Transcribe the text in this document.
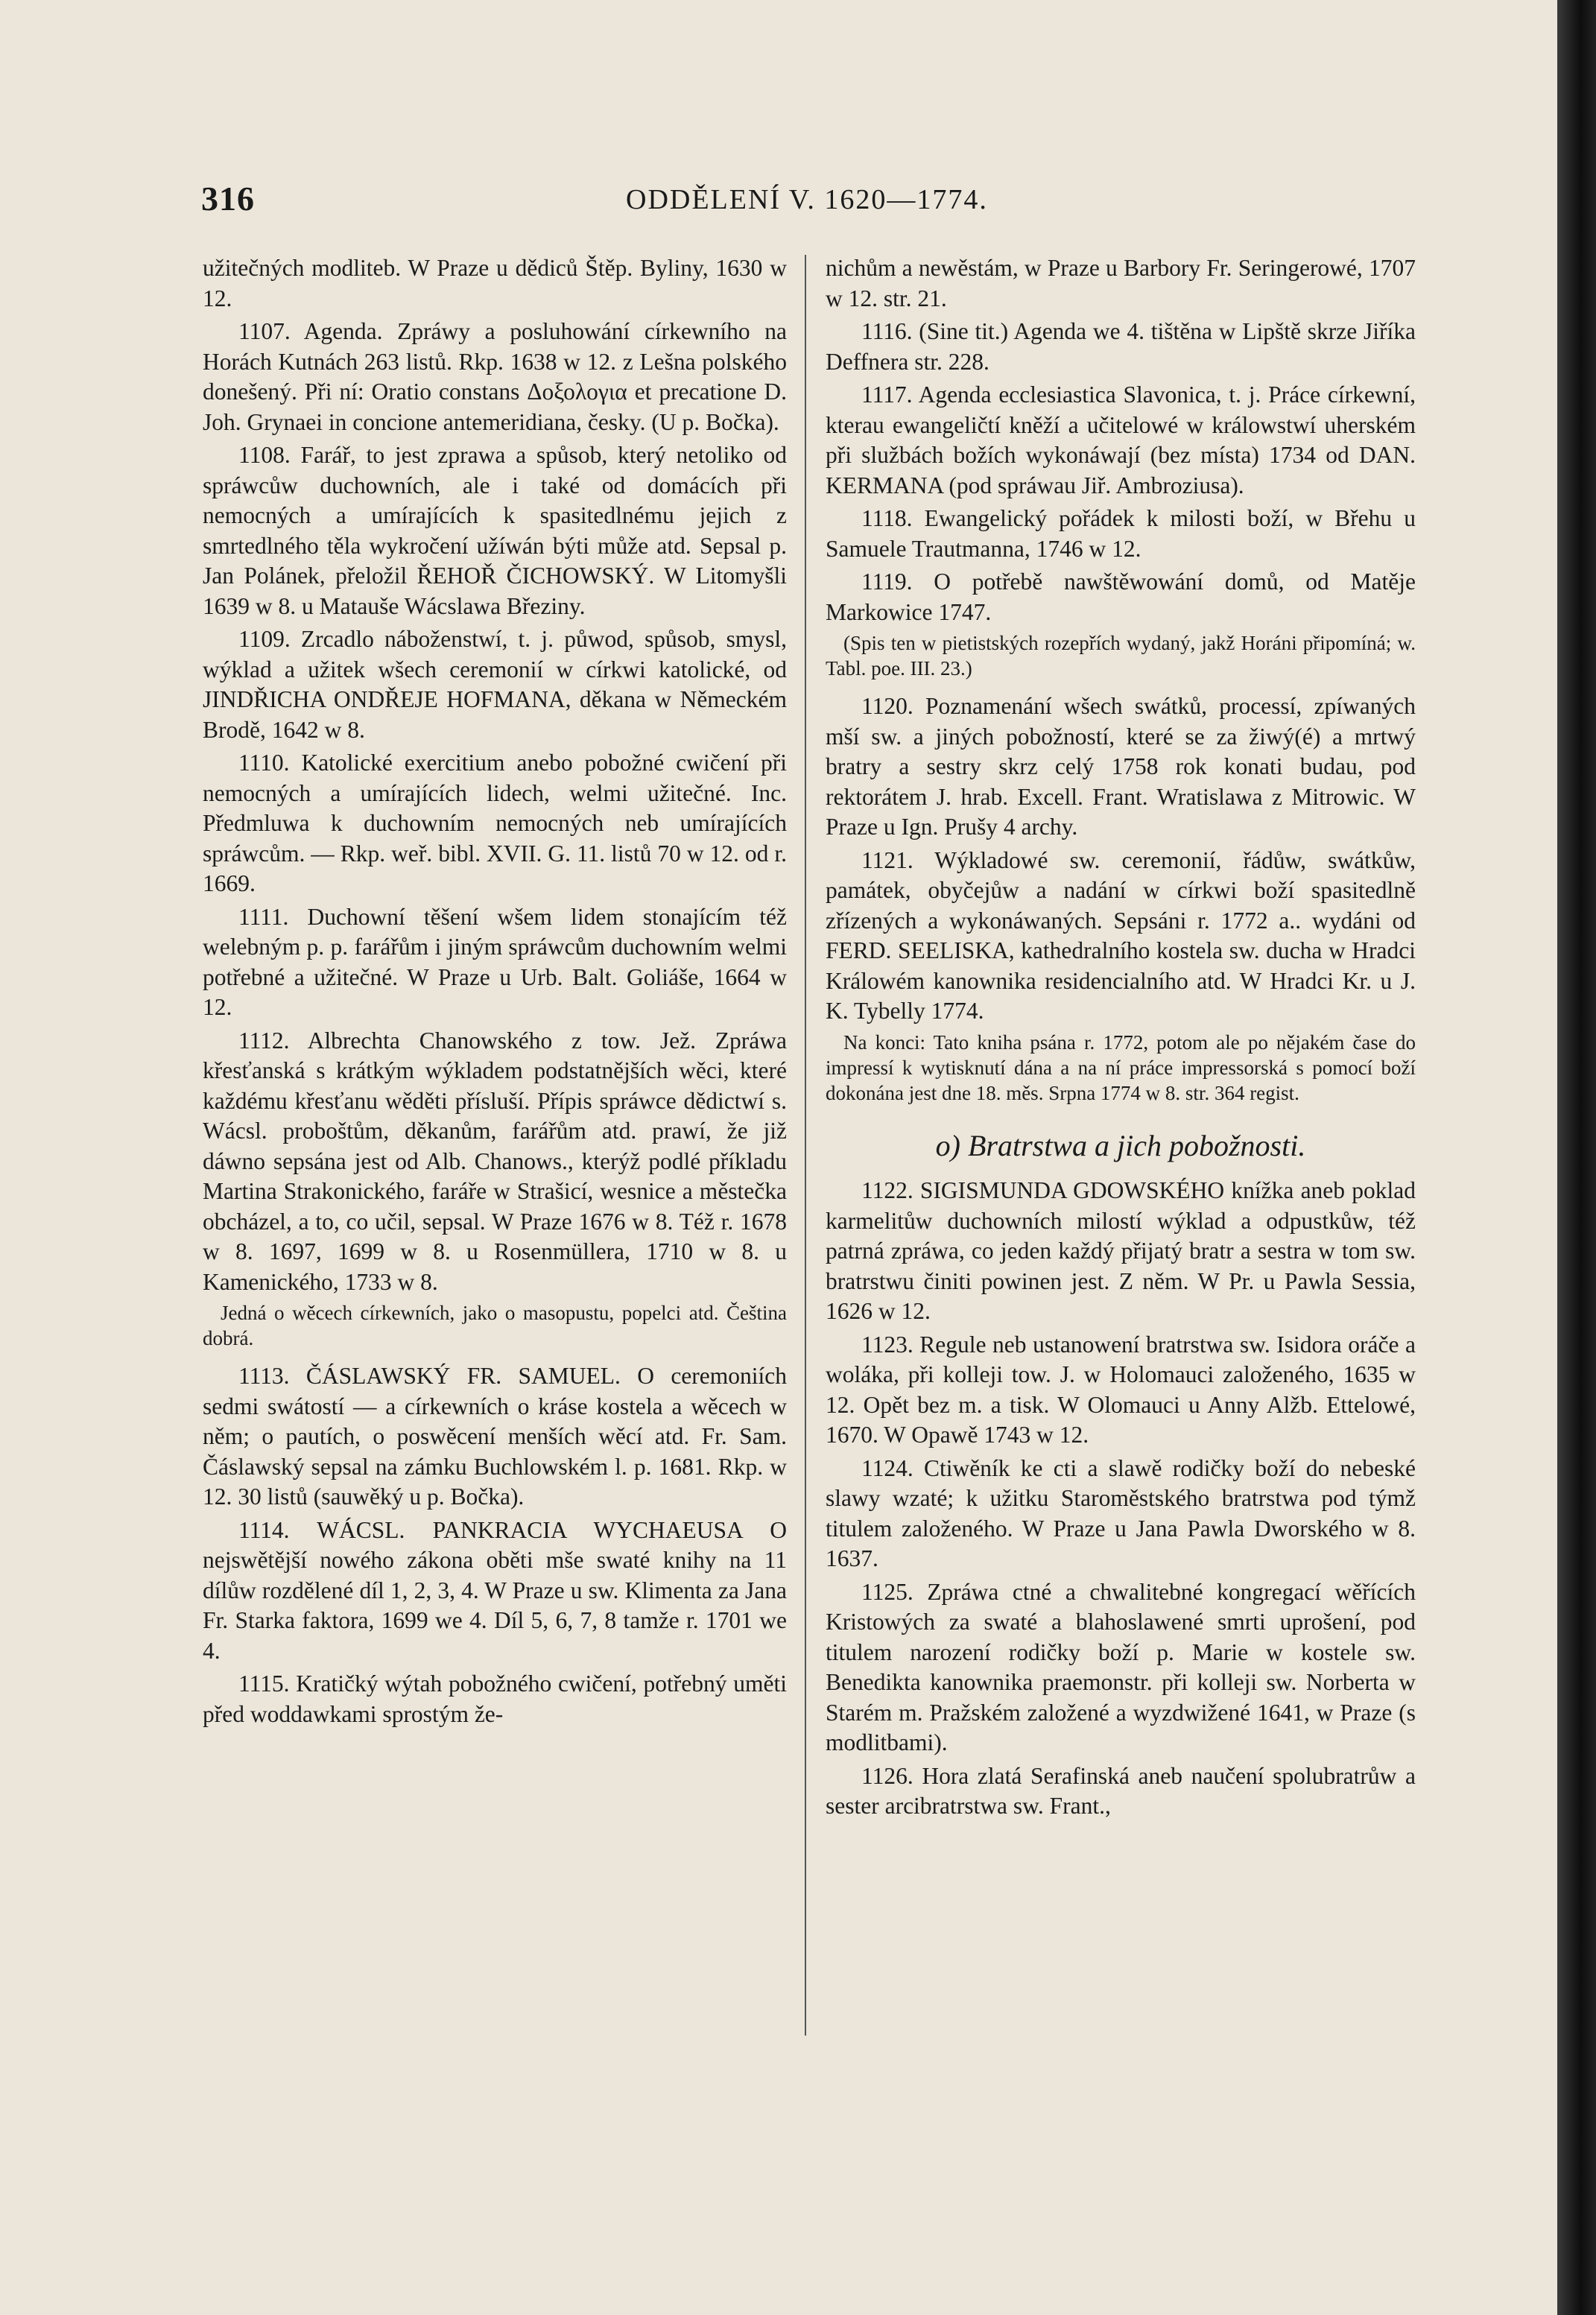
316	ODDĚLENÍ V. 1620—1774.

užitečných modliteb. W Praze u dědiců Štěp. Byliny, 1630 w 12.

1107. Agenda. Zpráwy a posluhowání církewního na Horách Kutnách 263 listů. Rkp. 1638 w 12. z Lešna polského donešený. Při ní: Oratio constans Δοξολογια et precatione D. Joh. Grynaei in concione antemeridiana, česky. (U p. Bočka).

1108. Farář, to jest zprawa a spůsob, který netoliko od spráwcůw duchowních, ale i také od domácích při nemocných a umírajících k spasitedlnému jejich z smrtedlného těla wykročení užíwán býti může atd. Sepsal p. Jan Polánek, přeložil ŘEHOŘ ČICHOWSKÝ. W Litomyšli 1639 w 8. u Matauše Wácslawa Březiny.

1109. Zrcadlo náboženstwí, t. j. půwod, spůsob, smysl, wýklad a užitek wšech ceremonií w církwi katolické, od JINDŘICHA ONDŘEJE HOFMANA, děkana w Německém Brodě, 1642 w 8.

1110. Katolické exercitium anebo pobožné cwičení při nemocných a umírajících lidech, welmi užitečné. Inc. Předmluwa k duchowním nemocných neb umírajících spráwcům. — Rkp. weř. bibl. XVII. G. 11. listů 70 w 12. od r. 1669.

1111. Duchowní těšení wšem lidem stonajícím též welebným p. p. farářům i jiným spráwcům duchowním welmi potřebné a užitečné. W Praze u Urb. Balt. Goliáše, 1664 w 12.

1112. Albrechta Chanowského z tow. Jež. Zpráwa křesťanská s krátkým wýkladem podstatnějších wěci, které každému křesťanu wěděti přísluší. Přípis spráwce dědictwí s. Wácsl. proboštům, děkanům, farářům atd. prawí, že již dáwno sepsána jest od Alb. Chanows., kterýž podlé příkladu Martina Strakonického, faráře w Strašicí, wesnice a městečka obcházel, a to, co učil, sepsal. W Praze 1676 w 8. Též r. 1678 w 8. 1697, 1699 w 8. u Rosenmüllera, 1710 w 8. u Kamenického, 1733 w 8.

Jedná o wěcech církewních, jako o masopustu, popelci atd. Čeština dobrá.

1113. ČÁSLAWSKÝ FR. SAMUEL. O ceremoniích sedmi swátostí — a církewních o kráse kostela a wěcech w něm; o pautích, o poswěcení menších wěcí atd. Fr. Sam. Čáslawský sepsal na zámku Buchlowském l. p. 1681. Rkp. w 12. 30 listů (sauwěký u p. Bočka).

1114. WÁCSL. PANKRACIA WYCHAEUSA O nejswětější nowého zákona oběti mše swaté knihy na 11 dílůw rozdělené díl 1, 2, 3, 4. W Praze u sw. Klimenta za Jana Fr. Starka faktora, 1699 we 4. Díl 5, 6, 7, 8 tamže r. 1701 we 4.

1115. Kratičký wýtah pobožného cwičení, potřebný uměti před woddawkami sprostým že-

nichům a newěstám, w Praze u Barbory Fr. Seringerowé, 1707 w 12. str. 21.

1116. (Sine tit.) Agenda we 4. tištěna w Lipště skrze Jiříka Deffnera str. 228.

1117. Agenda ecclesiastica Slavonica, t. j. Práce církewní, kterau ewangeličtí kněží a učitelowé w králowstwí uherském při službách božích wykonáwají (bez místa) 1734 od DAN. KERMANA (pod spráwau Jiř. Ambroziusa).

1118. Ewangelický pořádek k milosti boží, w Břehu u Samuele Trautmanna, 1746 w 12.

1119. O potřebě nawštěwowání domů, od Matěje Markowice 1747.

(Spis ten w pietistských rozepřích wydaný, jakž Horáni připomíná; w. Tabl. poe. III. 23.)

1120. Poznamenání wšech swátků, processí, zpíwaných mší sw. a jiných pobožností, které se za žiwý(é) a mrtwý bratry a sestry skrz celý 1758 rok konati budau, pod rektorátem J. hrab. Excell. Frant. Wratislawa z Mitrowic. W Praze u Ign. Prušy 4 archy.

1121. Wýkladowé sw. ceremonií, řádůw, swátkůw, památek, obyčejůw a nadání w církwi boží spasitedlně zřízených a wykonáwaných. Sepsáni r. 1772 a.. wydáni od FERD. SEELISKA, kathedralního kostela sw. ducha w Hradci Králowém kanownika residencialního atd. W Hradci Kr. u J. K. Tybelly 1774.

Na konci: Tato kniha psána r. 1772, potom ale po nějakém čase do impressí k wytisknutí dána a na ní práce impressorská s pomocí boží dokonána jest dne 18. měs. Srpna 1774 w 8. str. 364 regist.

o) Bratrstwa a jich pobožnosti.

1122. SIGISMUNDA GDOWSKÉHO knížka aneb poklad karmelitůw duchowních milostí wýklad a odpustkůw, též patrná zpráwa, co jeden každý přijatý bratr a sestra w tom sw. bratrstwu činiti powinen jest. Z něm. W Pr. u Pawla Sessia, 1626 w 12.

1123. Regule neb ustanowení bratrstwa sw. Isidora oráče a woláka, při kolleji tow. J. w Holomauci založeného, 1635 w 12. Opět bez m. a tisk. W Olomauci u Anny Alžb. Ettelowé, 1670. W Opawě 1743 w 12.

1124. Ctiwěník ke cti a slawě rodičky boží do nebeské slawy wzaté; k užitku Staroměstského bratrstwa pod týmž titulem založeného. W Praze u Jana Pawla Dworského w 8. 1637.

1125. Zpráwa ctné a chwalitebné kongregací wěřících Kristowých za swaté a blahoslawené smrti uprošení, pod titulem narození rodičky boží p. Marie w kostele sw. Benedikta kanownika praemonstr. při kolleji sw. Norberta w Starém m. Pražském založené a wyzdwižené 1641, w Praze (s modlitbami).

1126. Hora zlatá Serafinská aneb naučení spolubratrůw a sester arcibratrstwa sw. Frant.,
